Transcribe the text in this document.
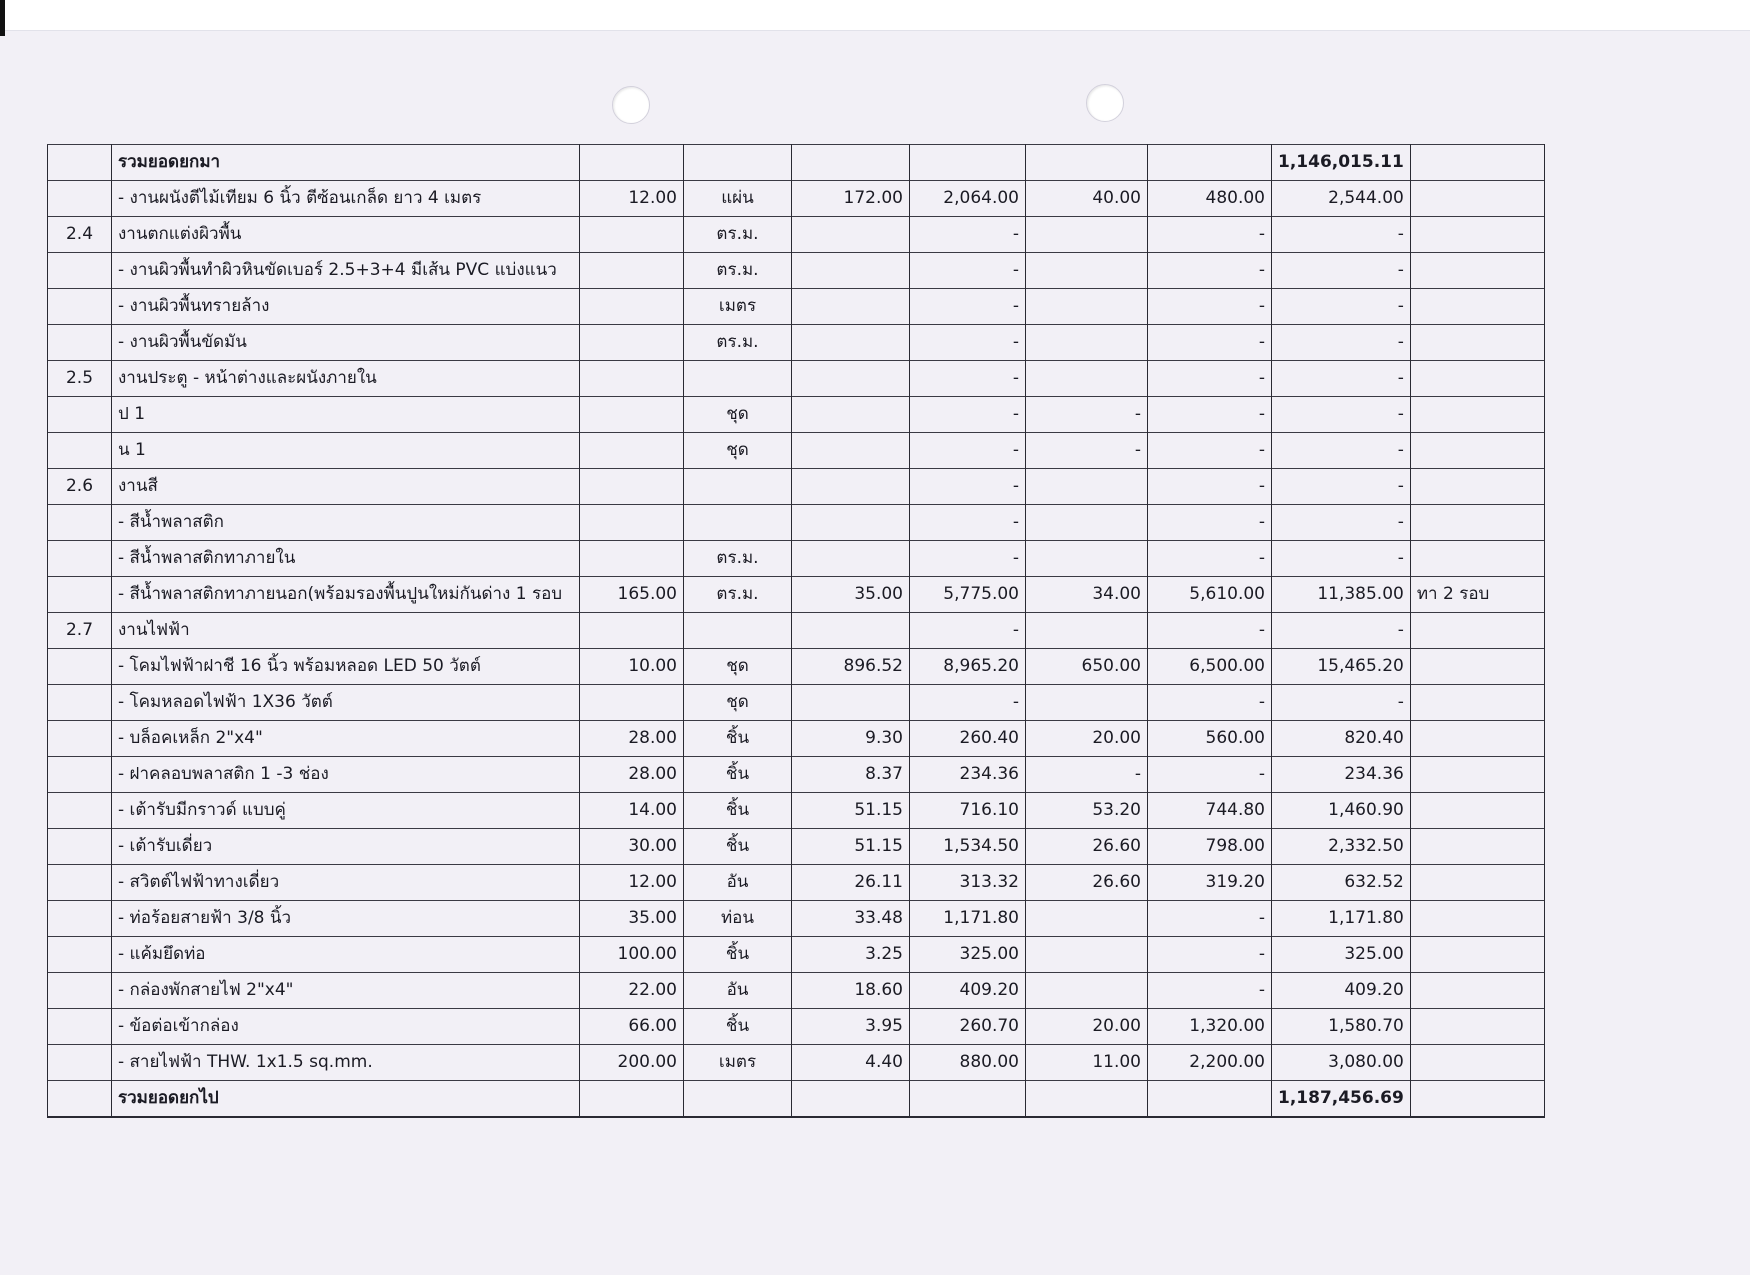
	รวมยอดยกมา							1,146,015.11	
	- งานผนังตีไม้เทียม 6 นิ้ว ตีซ้อนเกล็ด ยาว 4 เมตร	12.00	แผ่น	172.00	2,064.00	40.00	480.00	2,544.00	
2.4	งานตกแต่งผิวพื้น		ตร.ม.		-		-	-	
	- งานผิวพื้นทำผิวหินขัดเบอร์ 2.5+3+4 มีเส้น PVC แบ่งแนว		ตร.ม.		-		-	-	
	- งานผิวพื้นทรายล้าง		เมตร		-		-	-	
	- งานผิวพื้นขัดมัน		ตร.ม.		-		-	-	
2.5	งานประตู - หน้าต่างและผนังภายใน				-		-	-	
	ป 1		ชุด		-	-	-	-	
	น 1		ชุด		-	-	-	-	
2.6	งานสี				-		-	-	
	- สีน้ำพลาสติก				-		-	-	
	- สีน้ำพลาสติกทาภายใน		ตร.ม.		-		-	-	
	- สีน้ำพลาสติกทาภายนอก(พร้อมรองพื้นปูนใหม่กันด่าง 1 รอบ	165.00	ตร.ม.	35.00	5,775.00	34.00	5,610.00	11,385.00	ทา 2 รอบ
2.7	งานไฟฟ้า				-		-	-	
	- โคมไฟฟ้าฝาชี 16 นิ้ว พร้อมหลอด LED 50 วัตต์	10.00	ชุด	896.52	8,965.20	650.00	6,500.00	15,465.20	
	- โคมหลอดไฟฟ้า 1X36 วัตต์		ชุด		-		-	-	
	- บล็อคเหล็ก 2"x4"	28.00	ชิ้น	9.30	260.40	20.00	560.00	820.40	
	- ฝาคลอบพลาสติก 1 -3 ช่อง	28.00	ชิ้น	8.37	234.36	-	-	234.36	
	- เต้ารับมีกราวด์ แบบคู่	14.00	ชิ้น	51.15	716.10	53.20	744.80	1,460.90	
	- เต้ารับเดี่ยว	30.00	ชิ้น	51.15	1,534.50	26.60	798.00	2,332.50	
	- สวิตต์ไฟฟ้าทางเดี่ยว	12.00	อัน	26.11	313.32	26.60	319.20	632.52	
	- ท่อร้อยสายฟ้า 3/8 นิ้ว	35.00	ท่อน	33.48	1,171.80		-	1,171.80	
	- แค้มยึดท่อ	100.00	ชิ้น	3.25	325.00		-	325.00	
	- กล่องพักสายไฟ 2"x4"	22.00	อัน	18.60	409.20		-	409.20	
	- ข้อต่อเข้ากล่อง	66.00	ชิ้น	3.95	260.70	20.00	1,320.00	1,580.70	
	- สายไฟฟ้า THW. 1x1.5 sq.mm.	200.00	เมตร	4.40	880.00	11.00	2,200.00	3,080.00	
	รวมยอดยกไป							1,187,456.69	
